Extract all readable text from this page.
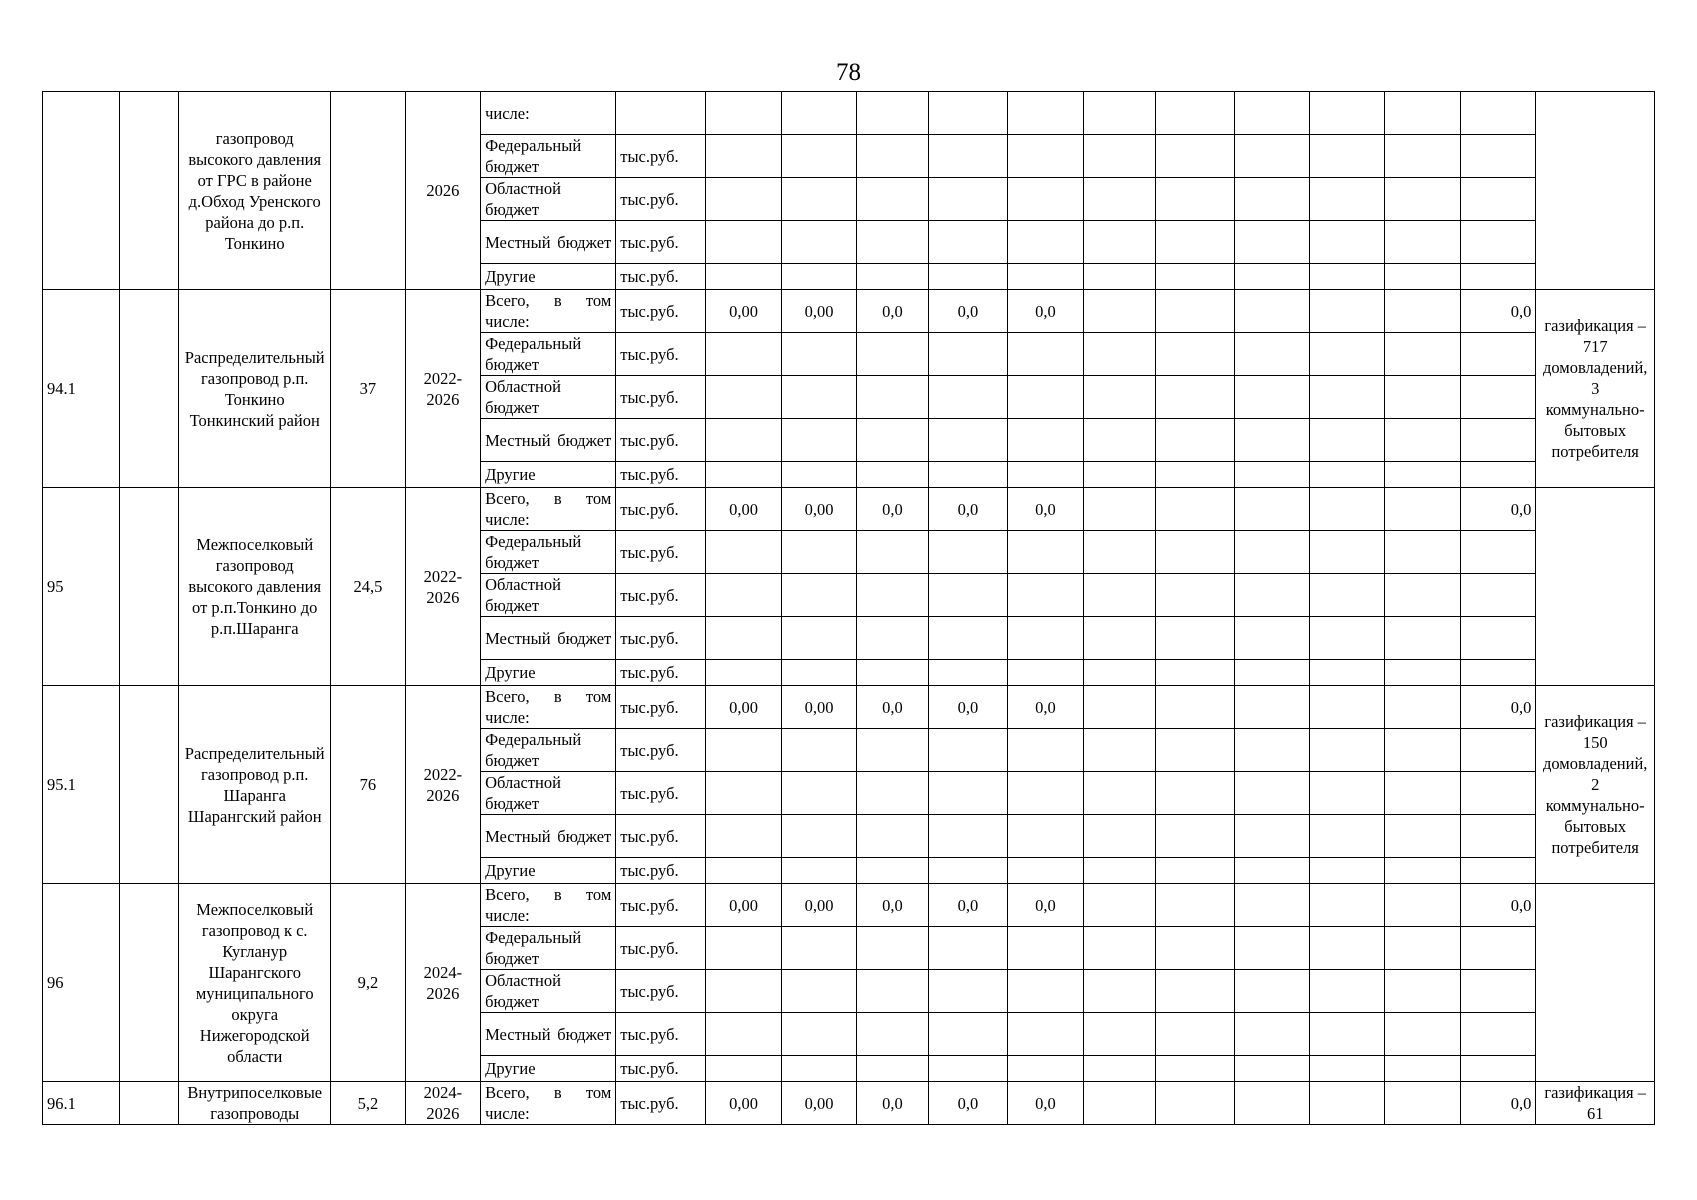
78
		газопровод высокого давления от ГРС в районе д.Обход Уренского района до р.п. Тонкино		2026	числе:													
					Федеральный бюджет	тыс.руб.												
					Областной бюджет	тыс.руб.												
					Местный бюджет	тыс.руб.												
					Другие	тыс.руб.												
94.1		Распределительный газопровод р.п. Тонкино Тонкинский район	37	2022-2026	Всего, в том числе:	тыс.руб.	0,00	0,00	0,0	0,0	0,0						0,0	газификация – 717 домовладений, 3 коммунально-бытовых потребителя
					Федеральный бюджет	тыс.руб.												
					Областной бюджет	тыс.руб.												
					Местный бюджет	тыс.руб.												
					Другие	тыс.руб.												
95		Межпоселковый газопровод высокого давления от р.п.Тонкино до р.п.Шаранга	24,5	2022-2026	Всего, в том числе:	тыс.руб.	0,00	0,00	0,0	0,0	0,0						0,0	
					Федеральный бюджет	тыс.руб.												
					Областной бюджет	тыс.руб.												
					Местный бюджет	тыс.руб.												
					Другие	тыс.руб.												
95.1		Распределительный газопровод р.п. Шаранга Шарангский район	76	2022-2026	Всего, в том числе:	тыс.руб.	0,00	0,00	0,0	0,0	0,0						0,0	газификация – 150 домовладений, 2 коммунально-бытовых потребителя
					Федеральный бюджет	тыс.руб.												
					Областной бюджет	тыс.руб.												
					Местный бюджет	тыс.руб.												
					Другие	тыс.руб.												
96		Межпоселковый газопровод к с. Кугланур Шарангского муниципального округа Нижегородской области	9,2	2024-2026	Всего, в том числе:	тыс.руб.	0,00	0,00	0,0	0,0	0,0						0,0	
					Федеральный бюджет	тыс.руб.												
					Областной бюджет	тыс.руб.												
					Местный бюджет	тыс.руб.												
					Другие	тыс.руб.												
96.1		Внутрипоселковые газопроводы	5,2	2024-2026	Всего, в том числе:	тыс.руб.	0,00	0,00	0,0	0,0	0,0						0,0	газификация – 61
